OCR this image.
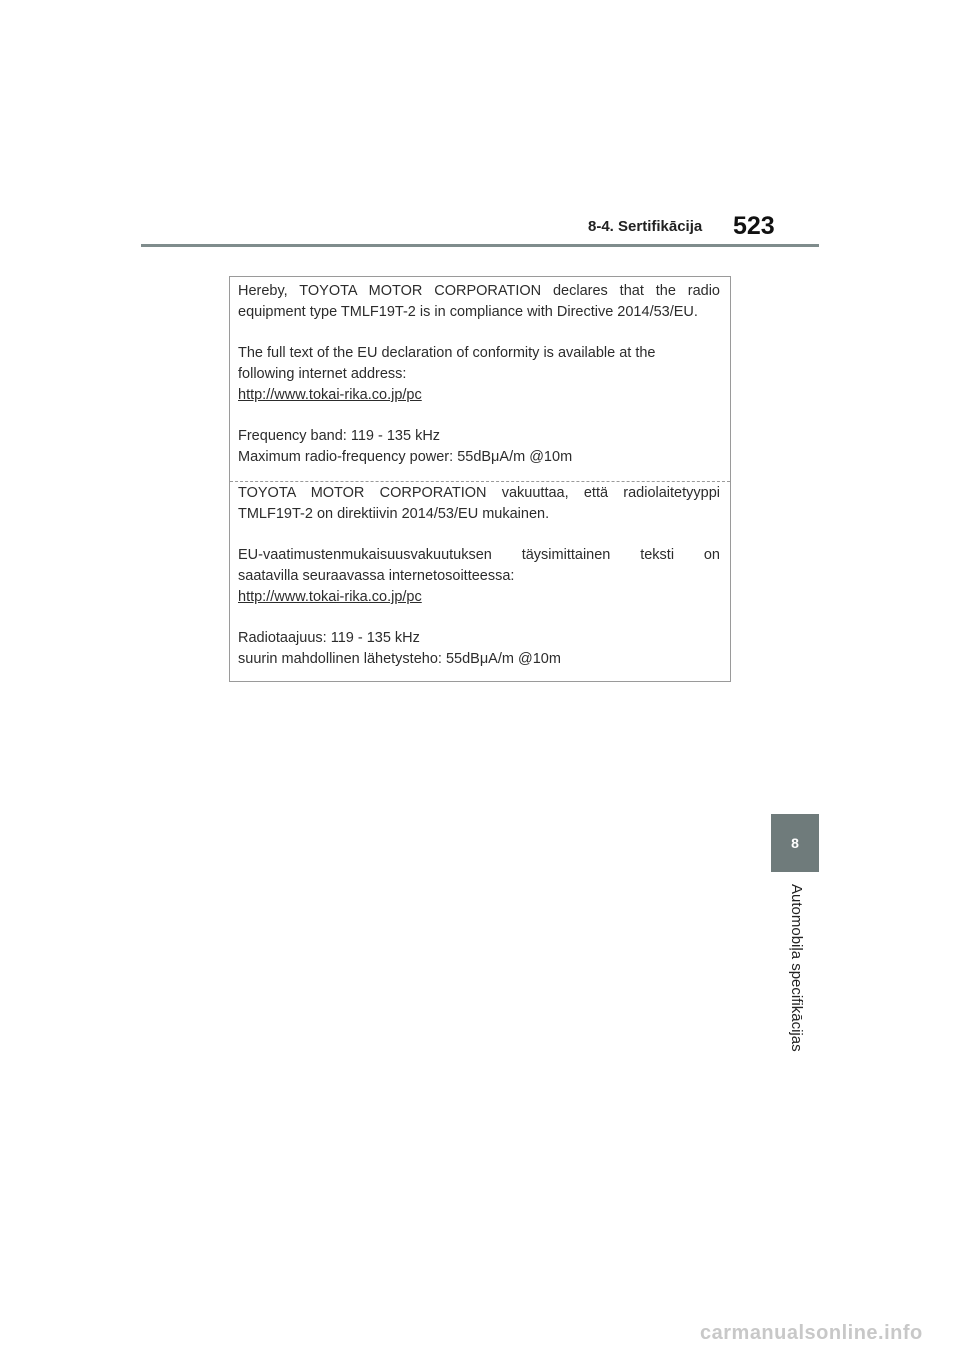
8-4. Sertifikācija 523

Hereby, TOYOTA MOTOR CORPORATION declares that the radio

equipment type TMLF19T-2 is in compliance with Directive 2014/53/EU.

The full text of the EU declaration of conformity is available at the

following internet address:

http://www.tokai-rika.co.jp/pc

Frequency band: 119 - 135 kHz

Maximum radio-frequency power: 55dBμA/m @10m

TOYOTA MOTOR CORPORATION vakuuttaa, että radiolaitetyyppi

TMLF19T-2 on direktiivin 2014/53/EU mukainen.

EU-vaatimustenmukaisuusvakuutuksen täysimittainen teksti on

saatavilla seuraavassa internetosoitteessa:

http://www.tokai-rika.co.jp/pc

Radiotaajuus: 119 - 135 kHz

suurin mahdollinen lähetysteho: 55dBμA/m @10m

8
Automobiļa specifikācijas
carmanualsonline.info
